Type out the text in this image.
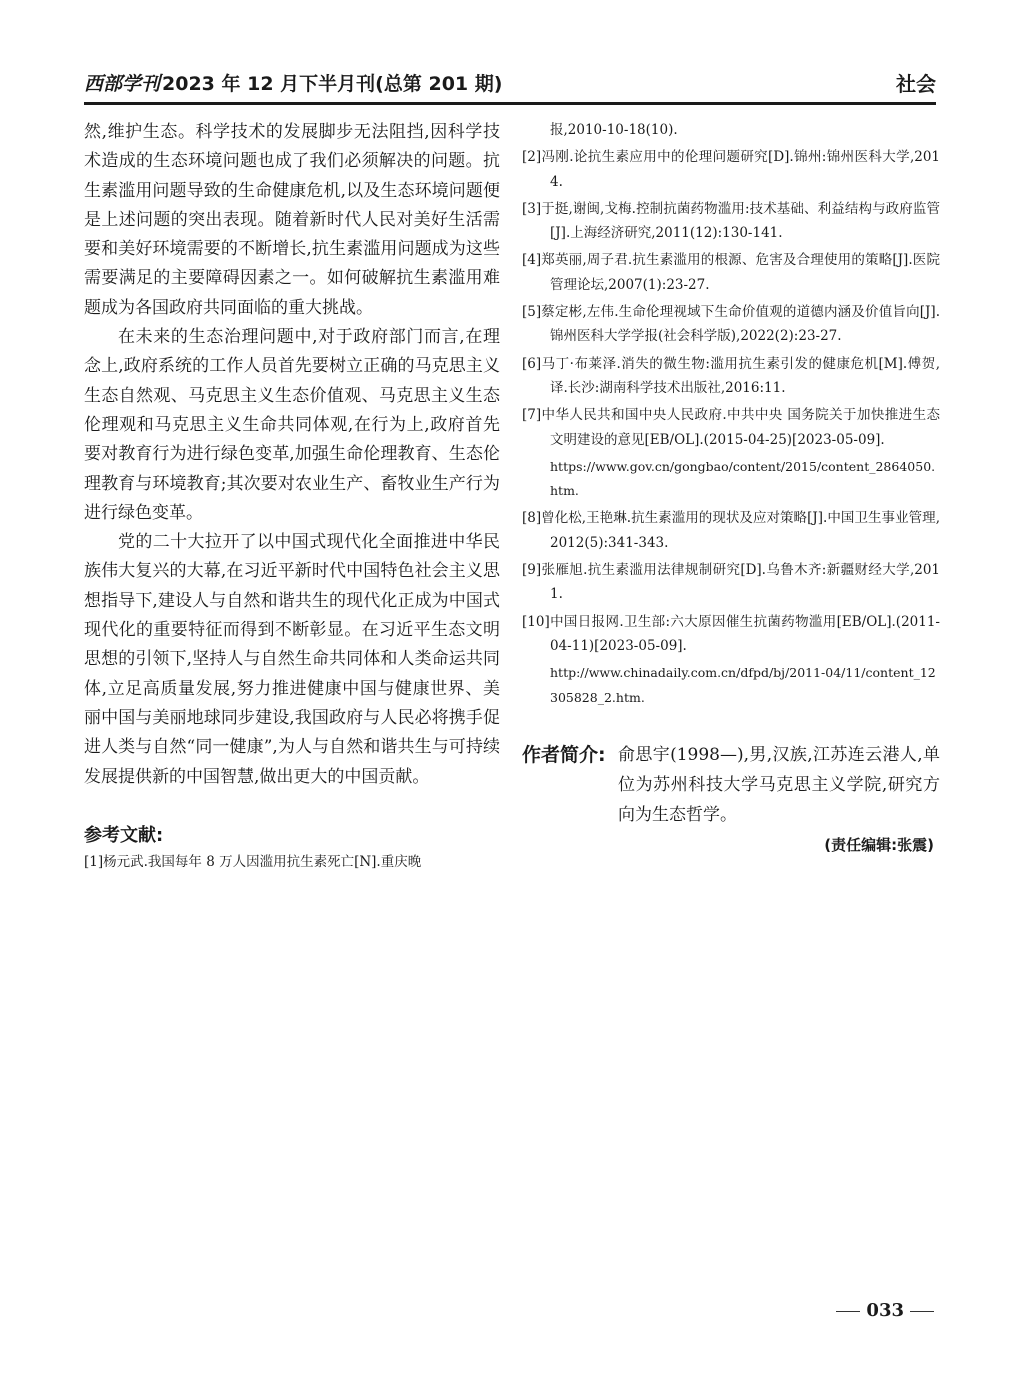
西部学刊 2023 年 12 月下半月刊(总第 201 期)	社会

然,维护生态。科学技术的发展脚步无法阻挡,因科学技术造成的生态环境问题也成了我们必须解决的问题。抗生素滥用问题导致的生命健康危机,以及生态环境问题便是上述问题的突出表现。随着新时代人民对美好生活需要和美好环境需要的不断增长,抗生素滥用问题成为这些需要满足的主要障碍因素之一。如何破解抗生素滥用难题成为各国政府共同面临的重大挑战。

在未来的生态治理问题中,对于政府部门而言,在理念上,政府系统的工作人员首先要树立正确的马克思主义生态自然观、马克思主义生态价值观、马克思主义生态伦理观和马克思主义生命共同体观,在行为上,政府首先要对教育行为进行绿色变革,加强生命伦理教育、生态伦理教育与环境教育;其次要对农业生产、畜牧业生产行为进行绿色变革。

党的二十大拉开了以中国式现代化全面推进中华民族伟大复兴的大幕,在习近平新时代中国特色社会主义思想指导下,建设人与自然和谐共生的现代化正成为中国式现代化的重要特征而得到不断彰显。在习近平生态文明思想的引领下,坚持人与自然生命共同体和人类命运共同体,立足高质量发展,努力推进健康中国与健康世界、美丽中国与美丽地球同步建设,我国政府与人民必将携手促进人类与自然“同一健康”,为人与自然和谐共生与可持续发展提供新的中国智慧,做出更大的中国贡献。

参考文献:

[1]杨元武.我国每年 8 万人因滥用抗生素死亡[N].重庆晚

报,2010-10-18(10).

[2]冯刚.论抗生素应用中的伦理问题研究[D].锦州:锦州医科大学,2014.

[3]于挺,谢闽,戈梅.控制抗菌药物滥用:技术基础、利益结构与政府监管[J].上海经济研究,2011(12):130-141.

[4]郑英丽,周子君.抗生素滥用的根源、危害及合理使用的策略[J].医院管理论坛,2007(1):23-27.

[5]蔡定彬,左伟.生命伦理视域下生命价值观的道德内涵及价值旨向[J].锦州医科大学学报(社会科学版),2022(2):23-27.

[6]马丁·布莱泽.消失的微生物:滥用抗生素引发的健康危机[M].傅贺,译.长沙:湖南科学技术出版社,2016:11.

[7]中华人民共和国中央人民政府.中共中央 国务院关于加快推进生态文明建设的意见[EB/OL].(2015-04-25)[2023-05-09].

https://www.gov.cn/gongbao/content/2015/content_2864050.htm.

[8]曾化松,王艳琳.抗生素滥用的现状及应对策略[J].中国卫生事业管理,2012(5):341-343.

[9]张雁旭.抗生素滥用法律规制研究[D].乌鲁木齐:新疆财经大学,2011.

[10]中国日报网.卫生部:六大原因催生抗菌药物滥用[EB/OL].(2011-04-11)[2023-05-09].

http://www.chinadaily.com.cn/dfpd/bj/2011-04/11/content_12305828_2.htm.

作者简介: 俞思宇(1998—),男,汉族,江苏连云港人,单位为苏州科技大学马克思主义学院,研究方向为生态哲学。
(责任编辑:张震)
033
